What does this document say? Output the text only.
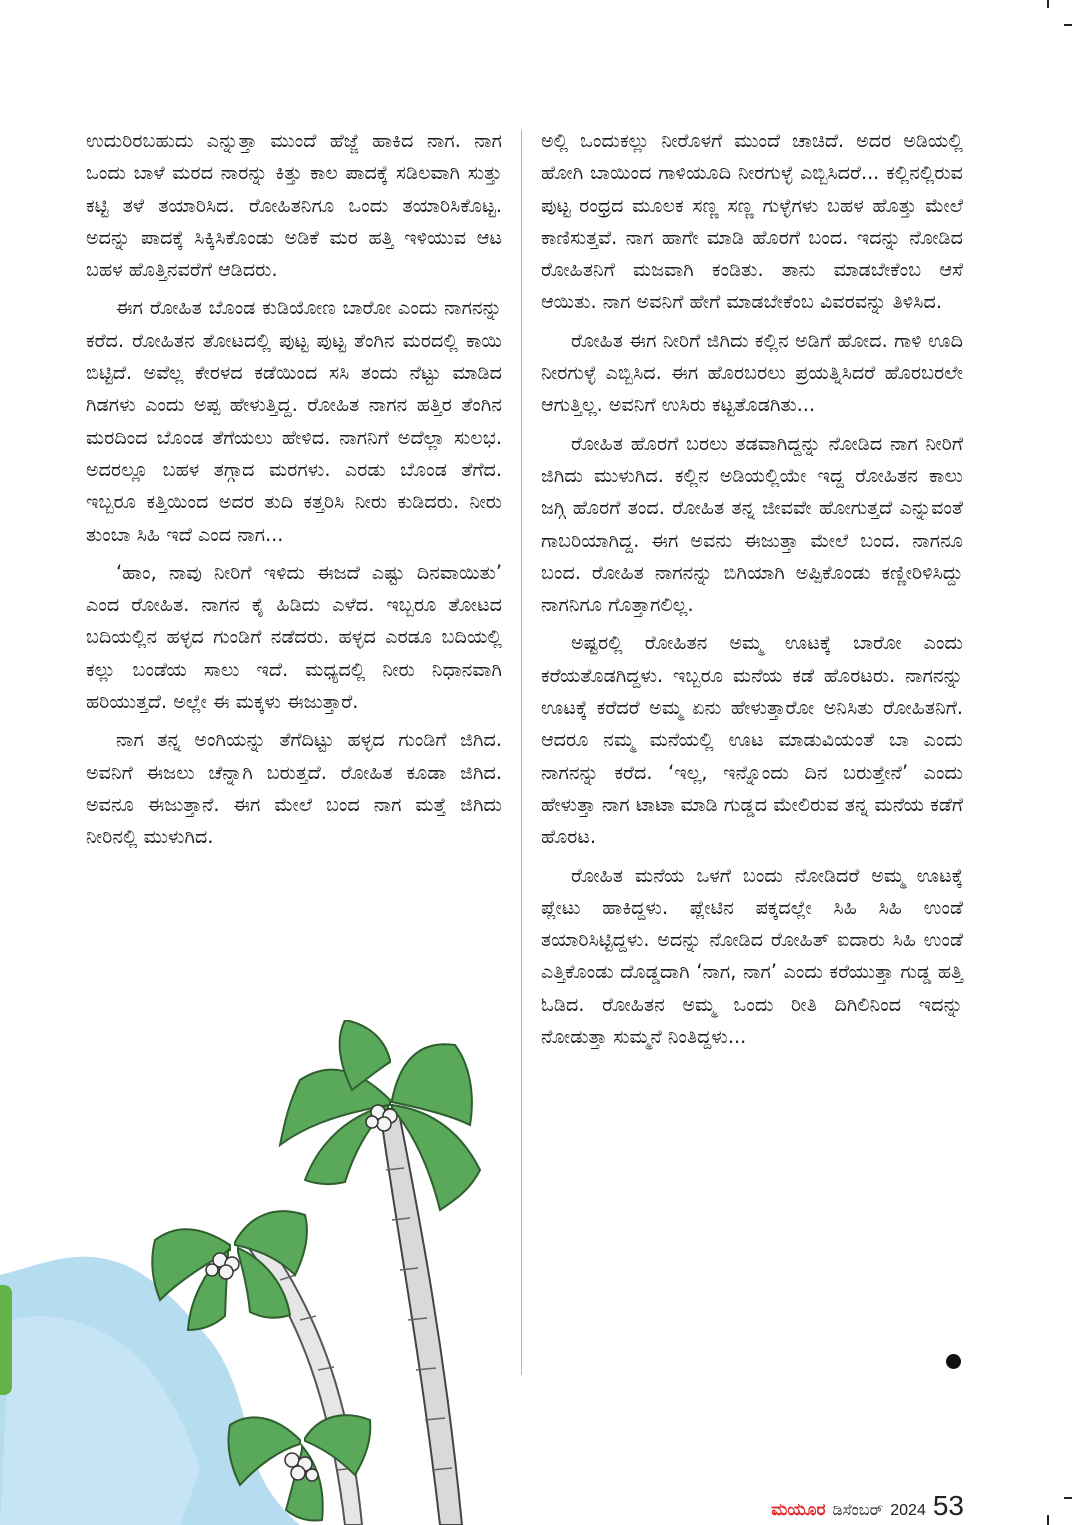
ಉದುರಿರಬಹುದು ಎನ್ನುತ್ತಾ ಮುಂದೆ ಹೆಜ್ಜೆ ಹಾಕಿದ ನಾಗ. ನಾಗ ಒಂದು ಬಾಳೆ ಮರದ ನಾರನ್ನು ಕಿತ್ತು ಕಾಲ ಪಾದಕ್ಕೆ ಸಡಿಲವಾಗಿ ಸುತ್ತು ಕಟ್ಟಿ ತಳೆ ತಯಾರಿಸಿದ. ರೋಹಿತನಿಗೂ ಒಂದು ತಯಾರಿಸಿಕೊಟ್ಟ. ಅದನ್ನು ಪಾದಕ್ಕೆ ಸಿಕ್ಕಿಸಿಕೊಂಡು ಅಡಿಕೆ ಮರ ಹತ್ತಿ ಇಳಿಯುವ ಆಟ ಬಹಳ ಹೊತ್ತಿನವರೆಗೆ ಆಡಿದರು.

ಈಗ ರೋಹಿತ ಬೊಂಡ ಕುಡಿಯೋಣ ಬಾರೋ ಎಂದು ನಾಗನನ್ನು ಕರೆದ. ರೋಹಿತನ ತೋಟದಲ್ಲಿ ಪುಟ್ಟ ಪುಟ್ಟ ತೆಂಗಿನ ಮರದಲ್ಲಿ ಕಾಯಿ ಬಿಟ್ಟಿದೆ. ಅವೆಲ್ಲ ಕೇರಳದ ಕಡೆಯಿಂದ ಸಸಿ ತಂದು ನೆಟ್ಟು ಮಾಡಿದ ಗಿಡಗಳು ಎಂದು ಅಪ್ಪ ಹೇಳುತ್ತಿದ್ದ. ರೋಹಿತ ನಾಗನ ಹತ್ತಿರ ತೆಂಗಿನ ಮರದಿಂದ ಬೊಂಡ ತೆಗೆಯಲು ಹೇಳಿದ. ನಾಗನಿಗೆ ಅದೆಲ್ಲಾ ಸುಲಭ. ಅದರಲ್ಲೂ ಬಹಳ ತಗ್ಗಾದ ಮರಗಳು. ಎರಡು ಬೊಂಡ ತೆಗೆದ. ಇಬ್ಬರೂ ಕತ್ತಿಯಿಂದ ಅದರ ತುದಿ ಕತ್ತರಿಸಿ ನೀರು ಕುಡಿದರು. ನೀರು ತುಂಬಾ ಸಿಹಿ ಇದೆ ಎಂದ ನಾಗ...

‘ಹಾಂ, ನಾವು ನೀರಿಗೆ ಇಳಿದು ಈಜದೆ ಎಷ್ಟು ದಿನವಾಯಿತು’ ಎಂದ ರೋಹಿತ. ನಾಗನ ಕೈ ಹಿಡಿದು ಎಳೆದ. ಇಬ್ಬರೂ ತೋಟದ ಬದಿಯಲ್ಲಿನ ಹಳ್ಳದ ಗುಂಡಿಗೆ ನಡೆದರು. ಹಳ್ಳದ ಎರಡೂ ಬದಿಯಲ್ಲಿ ಕಲ್ಲು ಬಂಡೆಯ ಸಾಲು ಇದೆ. ಮಧ್ಯದಲ್ಲಿ ನೀರು ನಿಧಾನವಾಗಿ ಹರಿಯುತ್ತದೆ. ಅಲ್ಲೇ ಈ ಮಕ್ಕಳು ಈಜುತ್ತಾರೆ.

ನಾಗ ತನ್ನ ಅಂಗಿಯನ್ನು ತೆಗೆದಿಟ್ಟು ಹಳ್ಳದ ಗುಂಡಿಗೆ ಜಿಗಿದ. ಅವನಿಗೆ ಈಜಲು ಚೆನ್ನಾಗಿ ಬರುತ್ತದೆ. ರೋಹಿತ ಕೂಡಾ ಜಿಗಿದ. ಅವನೂ ಈಜುತ್ತಾನೆ. ಈಗ ಮೇಲೆ ಬಂದ ನಾಗ ಮತ್ತೆ ಜಿಗಿದು ನೀರಿನಲ್ಲಿ ಮುಳುಗಿದ.

ಅಲ್ಲಿ ಒಂದುಕಲ್ಲು ನೀರೊಳಗೆ ಮುಂದೆ ಚಾಚಿದೆ. ಅದರ ಅಡಿಯಲ್ಲಿ ಹೋಗಿ ಬಾಯಿಂದ ಗಾಳಿಯೂದಿ ನೀರಗುಳ್ಳೆ ಎಬ್ಬಿಸಿದರೆ... ಕಲ್ಲಿನಲ್ಲಿರುವ ಪುಟ್ಟ ರಂಧ್ರದ ಮೂಲಕ ಸಣ್ಣ ಸಣ್ಣ ಗುಳ್ಳೆಗಳು ಬಹಳ ಹೊತ್ತು ಮೇಲೆ ಕಾಣಿಸುತ್ತವೆ. ನಾಗ ಹಾಗೇ ಮಾಡಿ ಹೊರಗೆ ಬಂದ. ಇದನ್ನು ನೋಡಿದ ರೋಹಿತನಿಗೆ ಮಜವಾಗಿ ಕಂಡಿತು. ತಾನು ಮಾಡಬೇಕೆಂಬ ಆಸೆ ಆಯಿತು. ನಾಗ ಅವನಿಗೆ ಹೇಗೆ ಮಾಡಬೇಕೆಂಬ ವಿವರವನ್ನು ತಿಳಿಸಿದ.

ರೋಹಿತ ಈಗ ನೀರಿಗೆ ಜಿಗಿದು ಕಲ್ಲಿನ ಅಡಿಗೆ ಹೋದ. ಗಾಳಿ ಊದಿ ನೀರಗುಳ್ಳೆ ಎಬ್ಬಿಸಿದ. ಈಗ ಹೊರಬರಲು ಪ್ರಯತ್ನಿಸಿದರೆ ಹೊರಬರಲೇ ಆಗುತ್ತಿಲ್ಲ. ಅವನಿಗೆ ಉಸಿರು ಕಟ್ಟತೊಡಗಿತು...

ರೋಹಿತ ಹೊರಗೆ ಬರಲು ತಡವಾಗಿದ್ದನ್ನು ನೋಡಿದ ನಾಗ ನೀರಿಗೆ ಜಿಗಿದು ಮುಳುಗಿದ. ಕಲ್ಲಿನ ಅಡಿಯಲ್ಲಿಯೇ ಇದ್ದ ರೋಹಿತನ ಕಾಲು ಜಗ್ಗಿ ಹೊರಗೆ ತಂದ. ರೋಹಿತ ತನ್ನ ಜೀವವೇ ಹೋಗುತ್ತದೆ ಎನ್ನುವಂತೆ ಗಾಬರಿಯಾಗಿದ್ದ. ಈಗ ಅವನು ಈಜುತ್ತಾ ಮೇಲೆ ಬಂದ. ನಾಗನೂ ಬಂದ. ರೋಹಿತ ನಾಗನನ್ನು ಬಿಗಿಯಾಗಿ ಅಪ್ಪಿಕೊಂಡು ಕಣ್ಣೀರಿಳಿಸಿದ್ದು ನಾಗನಿಗೂ ಗೊತ್ತಾಗಲಿಲ್ಲ.

ಅಷ್ಟರಲ್ಲಿ ರೋಹಿತನ ಅಮ್ಮ ಊಟಕ್ಕೆ ಬಾರೋ ಎಂದು ಕರೆಯತೊಡಗಿದ್ದಳು. ಇಬ್ಬರೂ ಮನೆಯ ಕಡೆ ಹೊರಟರು. ನಾಗನನ್ನು ಊಟಕ್ಕೆ ಕರೆದರೆ ಅಮ್ಮ ಏನು ಹೇಳುತ್ತಾರೋ ಅನಿಸಿತು ರೋಹಿತನಿಗೆ. ಆದರೂ ನಮ್ಮ ಮನೆಯಲ್ಲಿ ಊಟ ಮಾಡುವಿಯಂತೆ ಬಾ ಎಂದು ನಾಗನನ್ನು ಕರೆದ. ‘ಇಲ್ಲ, ಇನ್ನೊಂದು ದಿನ ಬರುತ್ತೇನೆ’ ಎಂದು ಹೇಳುತ್ತಾ ನಾಗ ಟಾಟಾ ಮಾಡಿ ಗುಡ್ಡದ ಮೇಲಿರುವ ತನ್ನ ಮನೆಯ ಕಡೆಗೆ ಹೊರಟ.

ರೋಹಿತ ಮನೆಯ ಒಳಗೆ ಬಂದು ನೋಡಿದರೆ ಅಮ್ಮ ಊಟಕ್ಕೆ ಪ್ಲೇಟು ಹಾಕಿದ್ದಳು. ಪ್ಲೇಟಿನ ಪಕ್ಕದಲ್ಲೇ ಸಿಹಿ ಸಿಹಿ ಉಂಡೆ ತಯಾರಿಸಿಟ್ಟಿದ್ದಳು. ಅದನ್ನು ನೋಡಿದ ರೋಹಿತ್ ಐದಾರು ಸಿಹಿ ಉಂಡೆ ಎತ್ತಿಕೊಂಡು ದೊಡ್ಡದಾಗಿ ‘ನಾಗ, ನಾಗ’ ಎಂದು ಕರೆಯುತ್ತಾ ಗುಡ್ಡ ಹತ್ತಿ ಓಡಿದ. ರೋಹಿತನ ಅಮ್ಮ ಒಂದು ರೀತಿ ದಿಗಿಲಿನಿಂದ ಇದನ್ನು ನೋಡುತ್ತಾ ಸುಮ್ಮನೆ ನಿಂತಿದ್ದಳು...

ಮಯೂರ ಡಿಸೆಂಬರ್ 2024 53
